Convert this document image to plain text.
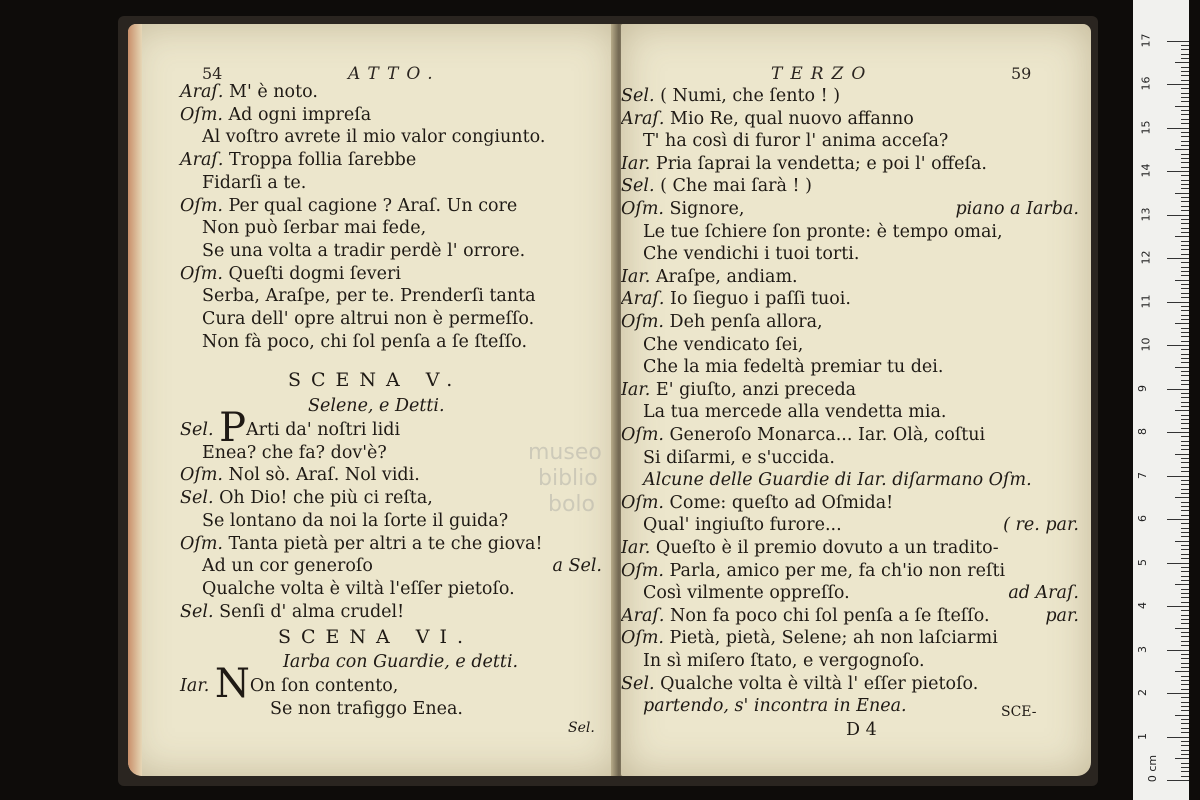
54	ATTO.
Araſ. M' è noto.
Oſm. Ad ogni impreſa
Al voſtro avrete il mio valor congiunto.
Araſ. Troppa follia ſarebbe
Fidarſi a te.
Oſm. Per qual cagione ? Araſ. Un core
Non può ſerbar mai fede,
Se una volta a tradir perdè l' orrore.
Oſm. Queſti dogmi ſeveri
Serba, Araſpe, per te. Prenderſi tanta
Cura dell' opre altrui non è permeſſo.
Non fà poco, chi ſol penſa a ſe ſteſſo.
SCENA V.
Selene, e Detti.
Sel. PArti da' noſtri lidi
Enea? che fa? dov'è?
Oſm. Nol sò. Araſ. Nol vidi.
Sel. Oh Dio! che più ci reſta,
Se lontano da noi la ſorte il guida?
Oſm. Tanta pietà per altri a te che giova!
Ad un cor generoſo	a Sel.
Qualche volta è viltà l'eſſer pietoſo.
Sel. Senſi d' alma crudel!
SCENA VI.
Iarba con Guardie, e detti.
Iar. NOn ſon contento,
Se non trafiggo Enea.
Sel.
museo
biblio
bolo
TERZO	59
Sel. ( Numi, che ſento ! )
Araſ. Mio Re, qual nuovo affanno
T' ha così di furor l' anima acceſa?
Iar. Pria ſaprai la vendetta; e poi l' offeſa.
Sel. ( Che mai ſarà ! )
Oſm. Signore,	piano a Iarba.
Le tue ſchiere ſon pronte: è tempo omai,
Che vendichi i tuoi torti.
Iar. Araſpe, andiam.
Araſ. Io ſieguo i paſſi tuoi.
Oſm. Deh penſa allora,
Che vendicato ſei,
Che la mia fedeltà premiar tu dei.
Iar. E' giuſto, anzi preceda
La tua mercede alla vendetta mia.
Oſm. Generoſo Monarca... Iar. Olà, coſtui
Si diſarmi, e s'uccida.
Alcune delle Guardie di Iar. diſarmano Oſm.
Oſm. Come: queſto ad Oſmida!
Qual' ingiuſto furore...	( re. par.
Iar. Queſto è il premio dovuto a un tradito-
Oſm. Parla, amico per me, fa ch'io non reſti
Così vilmente oppreſſo.	ad Araſ.
Araſ. Non fa poco chi ſol penſa a ſe ſteſſo.	par.
Oſm. Pietà, pietà, Selene; ah non laſciarmi
In sì miſero ſtato, e vergognoſo.
Sel. Qualche volta è viltà l' eſſer pietoſo.
partendo, s' incontra in Enea.
D 4
SCE-
0 cm
1
2
3
4
5
6
7
8
9
10
11
12
13
14
15
16
17
